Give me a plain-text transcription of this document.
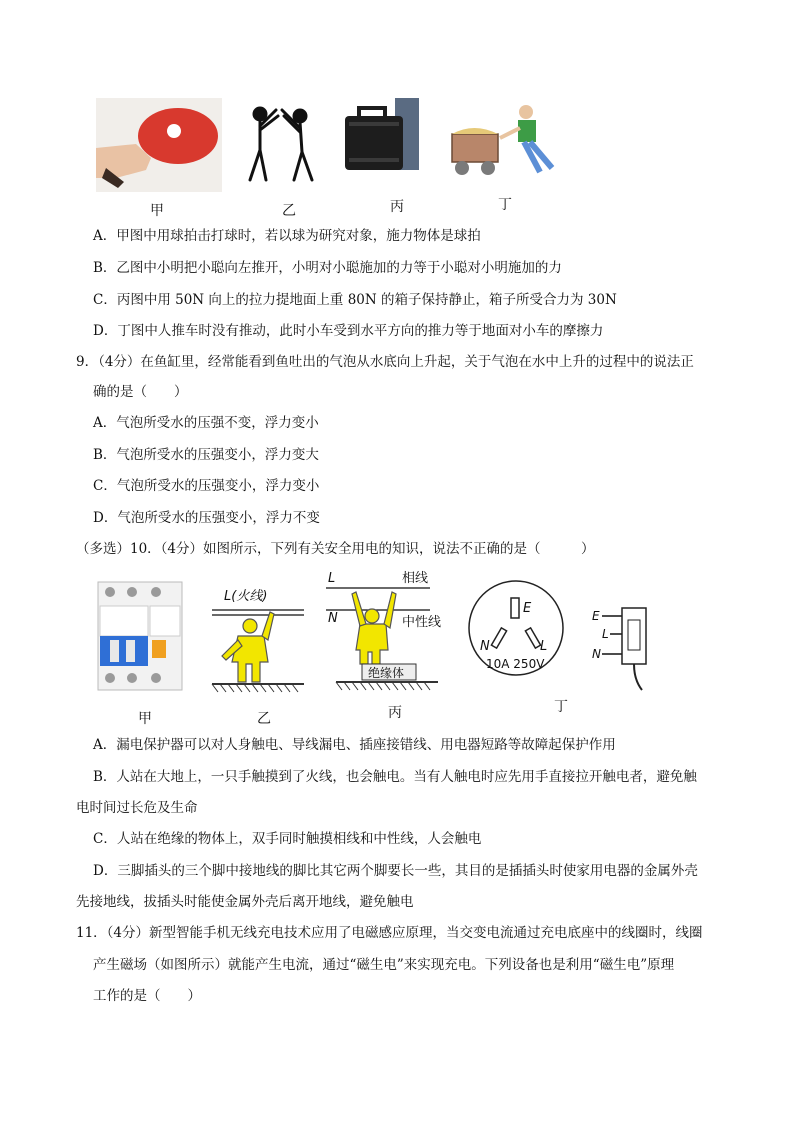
甲	乙	丙	丁
A．甲图中用球拍击打球时，若以球为研究对象，施力物体是球拍
B．乙图中小明把小聪向左推开，小明对小聪施加的力等于小聪对小明施加的力
C．丙图中用 50N 向上的拉力提地面上重 80N 的箱子保持静止，箱子所受合力为 30N
D．丁图中人推车时没有推动，此时小车受到水平方向的推力等于地面对小车的摩擦力
9．（4分）在鱼缸里，经常能看到鱼吐出的气泡从水底向上升起，关于气泡在水中上升的过程中的说法正
确的是（　　）
A．气泡所受水的压强不变，浮力变小
B．气泡所受水的压强变小，浮力变大
C．气泡所受水的压强变小，浮力变小
D．气泡所受水的压强变小，浮力不变
（多选）10．（4分）如图所示，下列有关安全用电的知识，说法不正确的是（　　　）
L(火线)
L	相线
N	中性线
绝缘体
E
N	L
10A 250V
E
L
N
甲	乙	丙	丁
A．漏电保护器可以对人身触电、导线漏电、插座接错线、用电器短路等故障起保护作用
B．人站在大地上，一只手触摸到了火线，也会触电。当有人触电时应先用手直接拉开触电者，避免触
电时间过长危及生命
C．人站在绝缘的物体上，双手同时触摸相线和中性线，人会触电
D．三脚插头的三个脚中接地线的脚比其它两个脚要长一些，其目的是插插头时使家用电器的金属外壳
先接地线，拔插头时能使金属外壳后离开地线，避免触电
11．（4分）新型智能手机无线充电技术应用了电磁感应原理，当交变电流通过充电底座中的线圈时，线圈
产生磁场（如图所示）就能产生电流，通过“磁生电”来实现充电。下列设备也是利用“磁生电”原理
工作的是（　　）
